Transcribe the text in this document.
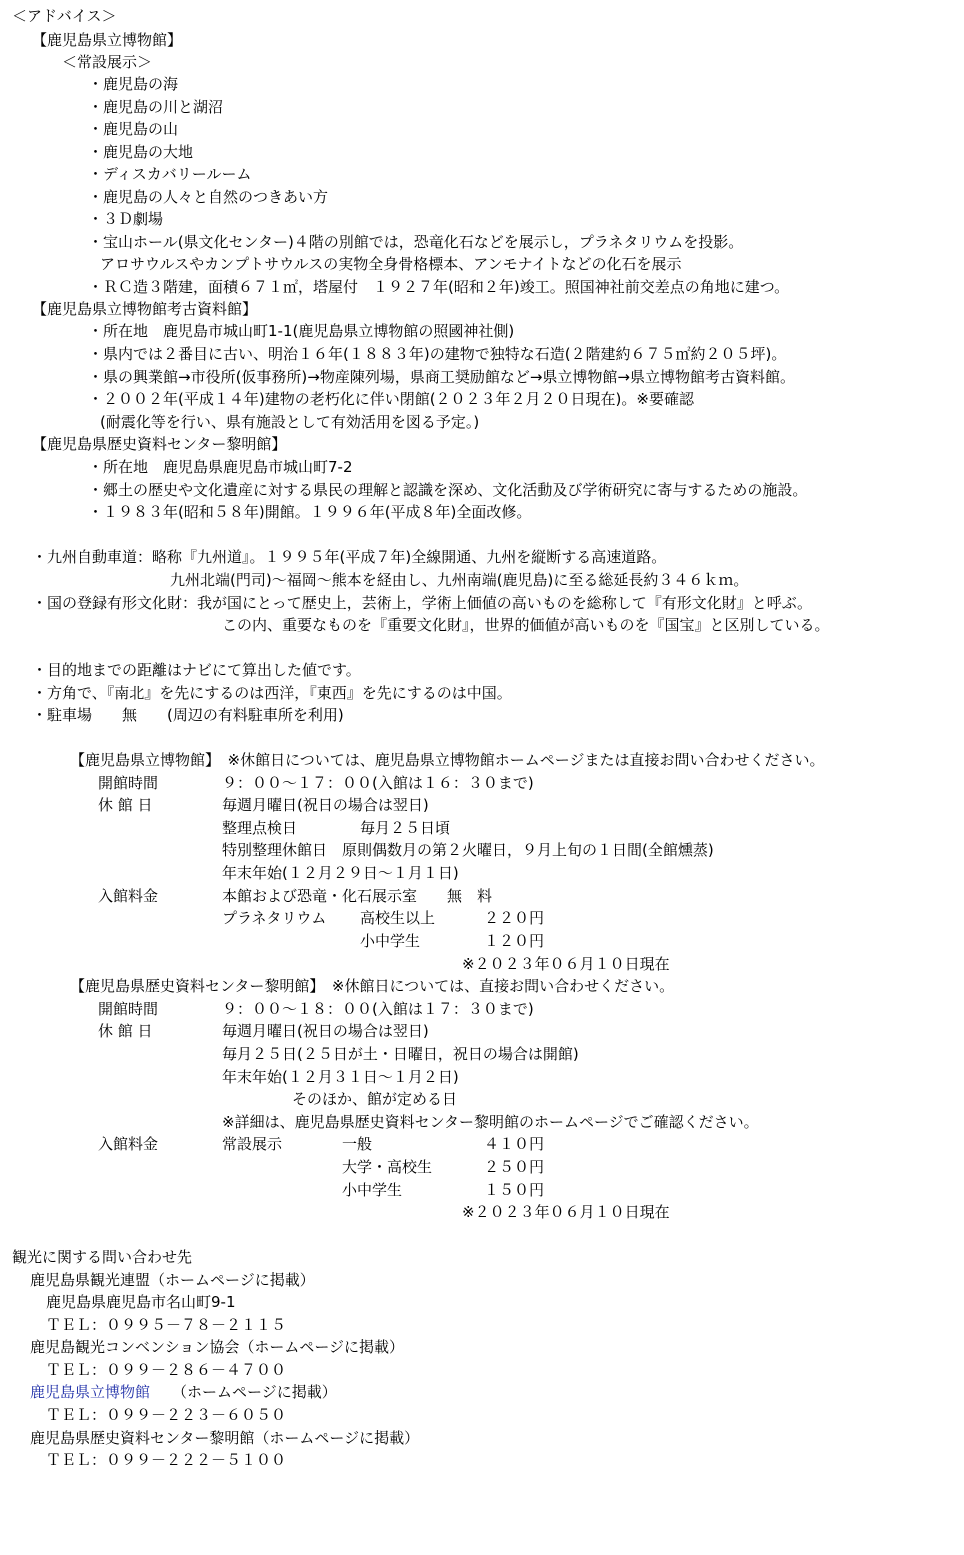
＜アドバイス＞
【鹿児島県立博物館】
＜常設展示＞
・鹿児島の海
・鹿児島の川と湖沼
・鹿児島の山
・鹿児島の大地
・ディスカバリールーム
・鹿児島の人々と自然のつきあい方
・３Ｄ劇場
・宝山ホール(県文化センター)４階の別館では，恐竜化石などを展示し，プラネタリウムを投影。
アロサウルスやカンプトサウルスの実物全身骨格標本、アンモナイトなどの化石を展示
・ＲＣ造３階建，面積６７１㎡，塔屋付　１９２７年(昭和２年)竣工。照国神社前交差点の角地に建つ。
【鹿児島県立博物館考古資料館】
・所在地　鹿児島市城山町1-1(鹿児島県立博物館の照國神社側)
・県内では２番目に古い、明治１６年(１８８３年)の建物で独特な石造(２階建約６７５㎡約２０５坪)。
・県の興業館→市役所(仮事務所)→物産陳列場，県商工奨励館など→県立博物館→県立博物館考古資料館。
・２００２年(平成１４年)建物の老朽化に伴い閉館(２０２３年２月２０日現在)。※要確認
(耐震化等を行い、県有施設として有効活用を図る予定。)
【鹿児島県歴史資料センター黎明館】
・所在地　鹿児島県鹿児島市城山町7-2
・郷土の歴史や文化遺産に対する県民の理解と認識を深め、文化活動及び学術研究に寄与するための施設。
・１９８３年(昭和５８年)開館。１９９６年(平成８年)全面改修。
・九州自動車道：略称『九州道』。１９９５年(平成７年)全線開通、九州を縦断する高速道路。
九州北端(門司)～福岡～熊本を経由し、九州南端(鹿児島)に至る総延長約３４６ｋｍ。
・国の登録有形文化財：我が国にとって歴史上，芸術上，学術上価値の高いものを総称して『有形文化財』と呼ぶ。
この内、重要なものを『重要文化財』，世界的価値が高いものを『国宝』と区別している。
・目的地までの距離はナビにて算出した値です。
・方角で、『南北』を先にするのは西洋，『東西』を先にするのは中国。
・駐車場　　無　　(周辺の有料駐車所を利用)
【鹿児島県立博物館】　※休館日については、鹿児島県立博物館ホームページまたは直接お問い合わせください。
開館時間	９：００～１７：００(入館は１６：３０まで)
休 館 日	毎週月曜日(祝日の場合は翌日)
整理点検日	毎月２５日頃
特別整理休館日　原則偶数月の第２火曜日，９月上旬の１日間(全館燻蒸)
年末年始(１２月２９日～１月１日)
入館料金	本館および恐竜・化石展示室　　無　料
プラネタリウム 高校生以上	２２０円
小中学生	１２０円
※２０２３年０６月１０日現在
【鹿児島県歴史資料センター黎明館】　※休館日については、直接お問い合わせください。
開館時間	９：００～１８：００(入館は１７：３０まで)
休 館 日	毎週月曜日(祝日の場合は翌日)
毎月２５日(２５日が土・日曜日，祝日の場合は開館)
年末年始(１２月３１日～１月２日)
そのほか、館が定める日
※詳細は、鹿児島県歴史資料センター黎明館のホームページでご確認ください。
入館料金	常設展示	一般	４１０円
大学・高校生	２５０円
小中学生	１５０円
※２０２３年０６月１０日現在
観光に関する問い合わせ先
鹿児島県観光連盟（ホームページに掲載）
鹿児島県鹿児島市名山町9-1
ＴＥＬ：０９９５－７８－２１１５
鹿児島観光コンベンション協会（ホームページに掲載）
ＴＥＬ：０９９－２８６－４７００
鹿児島県立博物館 （ホームページに掲載）
ＴＥＬ：０９９－２２３－６０５０
鹿児島県歴史資料センター黎明館（ホームページに掲載）
ＴＥＬ：０９９－２２２－５１００
